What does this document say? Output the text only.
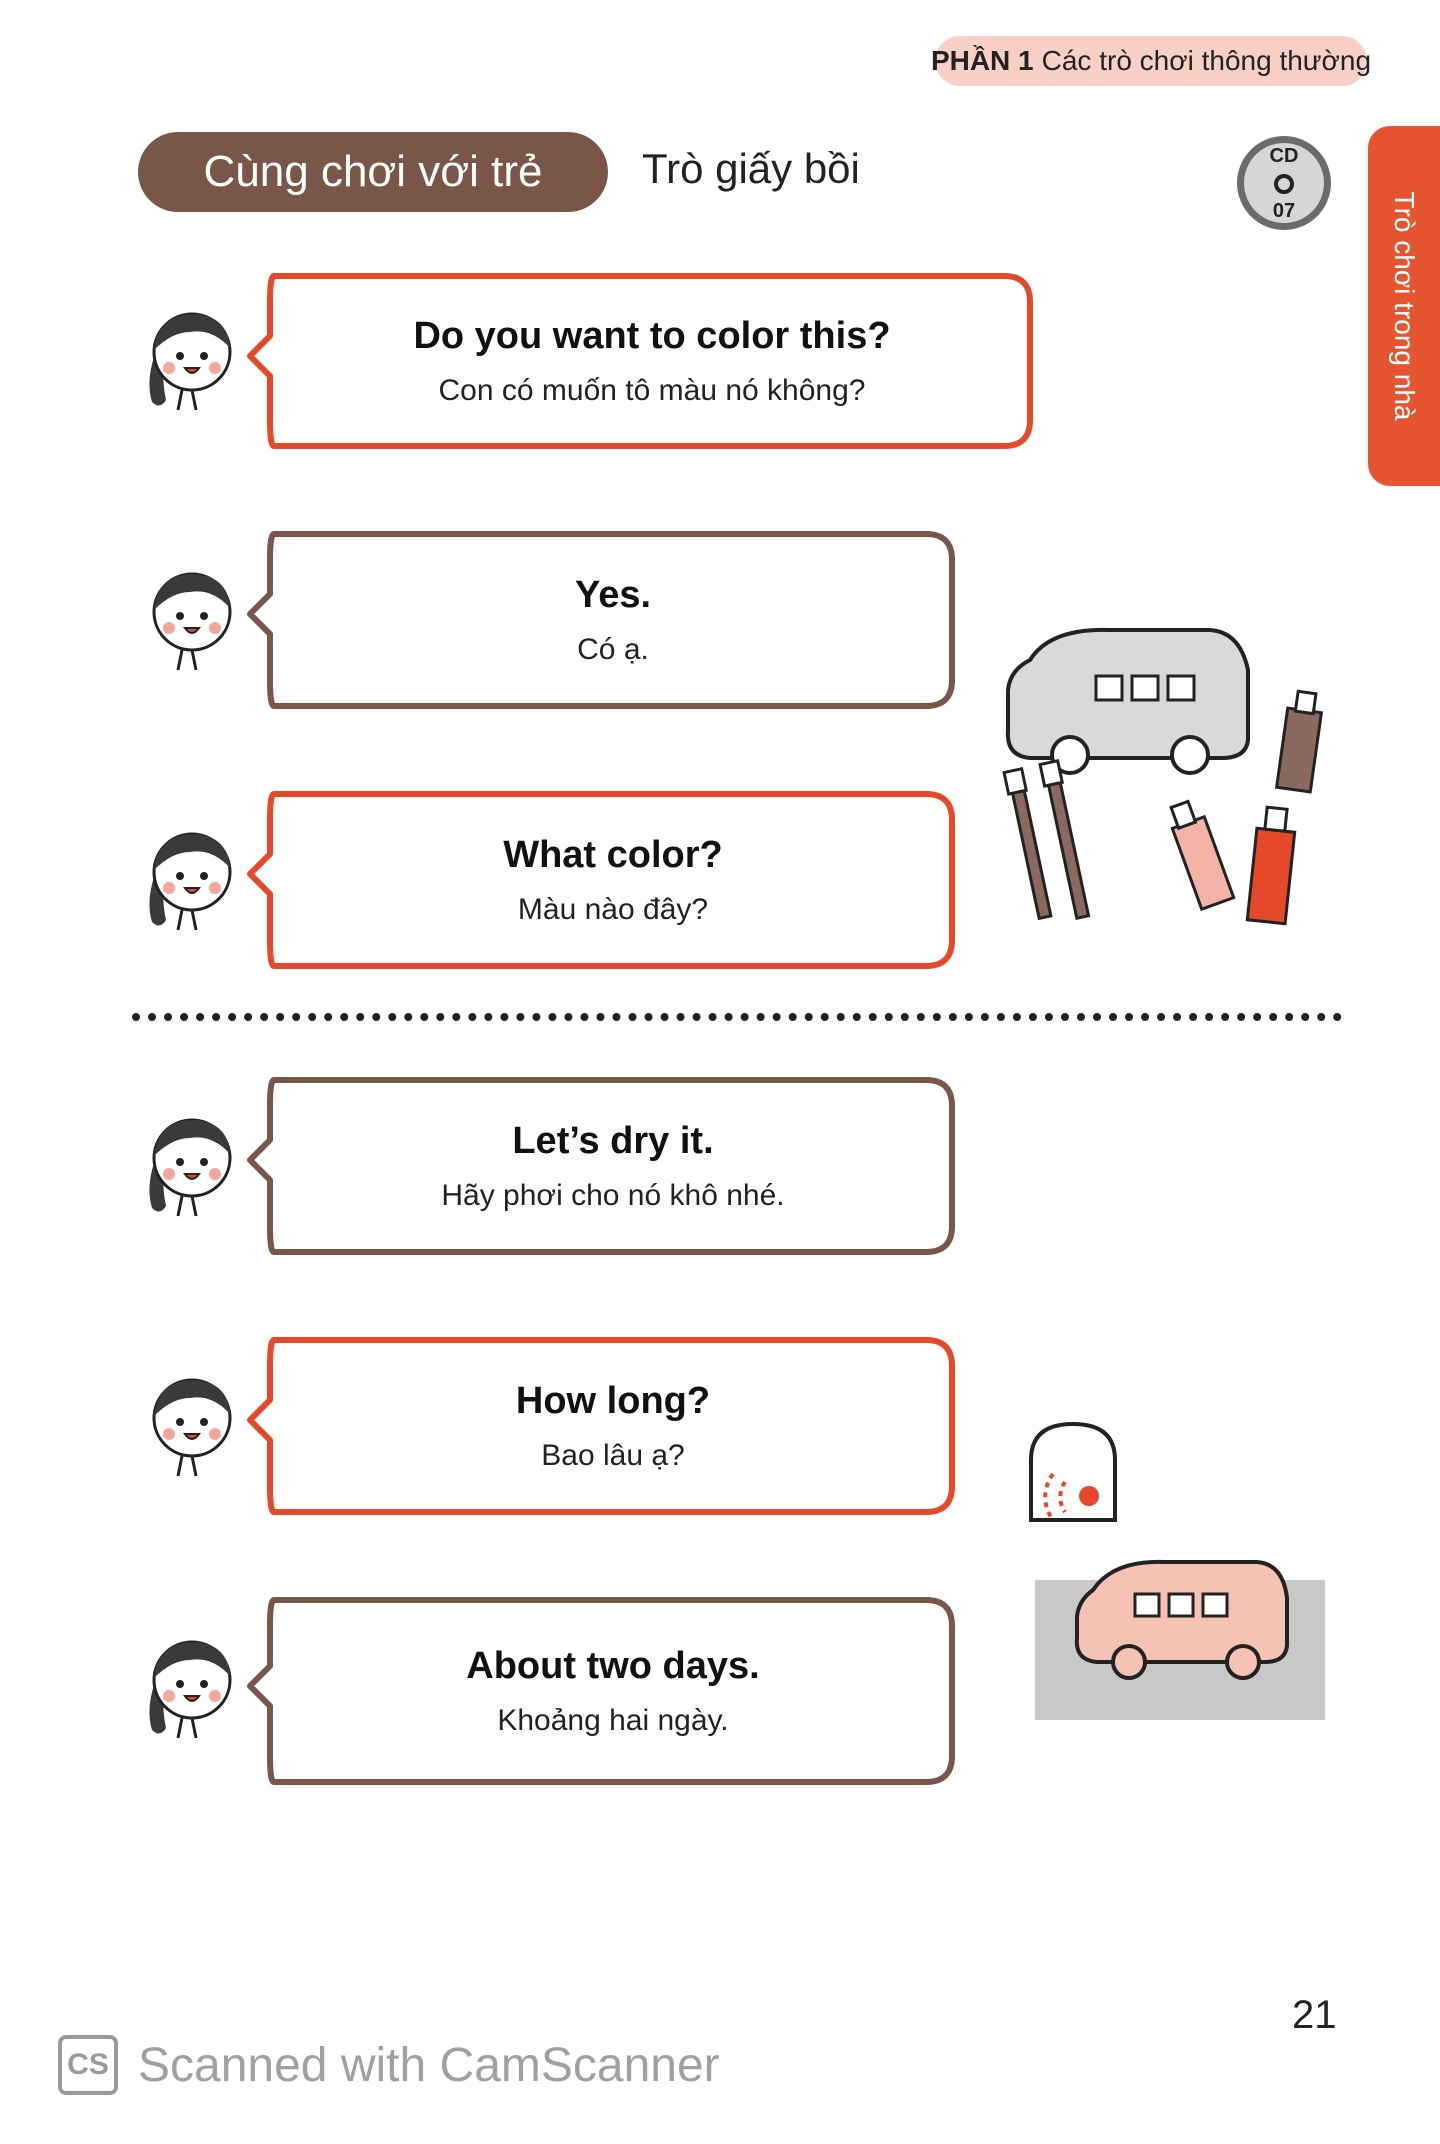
PHẦN 1 Các trò chơi thông thường
Cùng chơi với trẻ	Trò giấy bồi	CD
07	Trò chơi trong nhà
Do you want to color this?
Con có muốn tô màu nó không?
Yes.
Có ạ.
What color?
Màu nào đây?
Let’s dry it.
Hãy phơi cho nó khô nhé.
How long?
Bao lâu ạ?
About two days.
Khoảng hai ngày.
21
CS Scanned with CamScanner
